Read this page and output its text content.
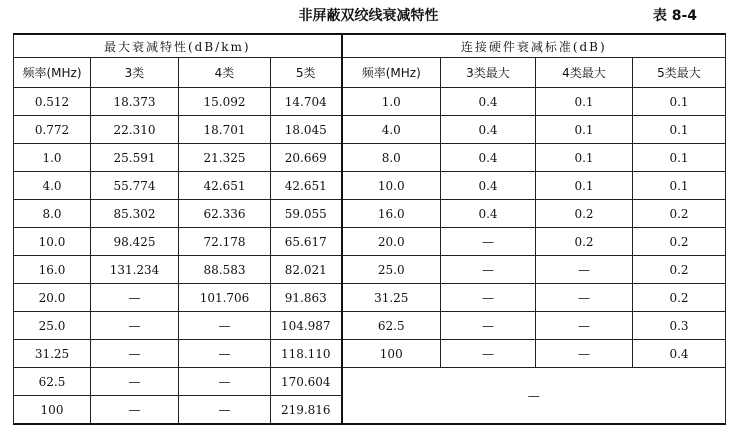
非屏蔽双绞线衰减特性	表 8-4
最大衰减特性(dB/km)				连接硬件衰减标准(dB)			
频率(MHz)	3类	4类	5类	频率(MHz)	3类最大	4类最大	5类最大
0.512	18.373	15.092	14.704	1.0	0.4	0.1	0.1
0.772	22.310	18.701	18.045	4.0	0.4	0.1	0.1
1.0	25.591	21.325	20.669	8.0	0.4	0.1	0.1
4.0	55.774	42.651	42.651	10.0	0.4	0.1	0.1
8.0	85.302	62.336	59.055	16.0	0.4	0.2	0.2
10.0	98.425	72.178	65.617	20.0	—	0.2	0.2
16.0	131.234	88.583	82.021	25.0	—	—	0.2
20.0	—	101.706	91.863	31.25	—	—	0.2
25.0	—	—	104.987	62.5	—	—	0.3
31.25	—	—	118.110	100	—	—	0.4
62.5	—	—	170.604	—			
100	—	—	219.816				
